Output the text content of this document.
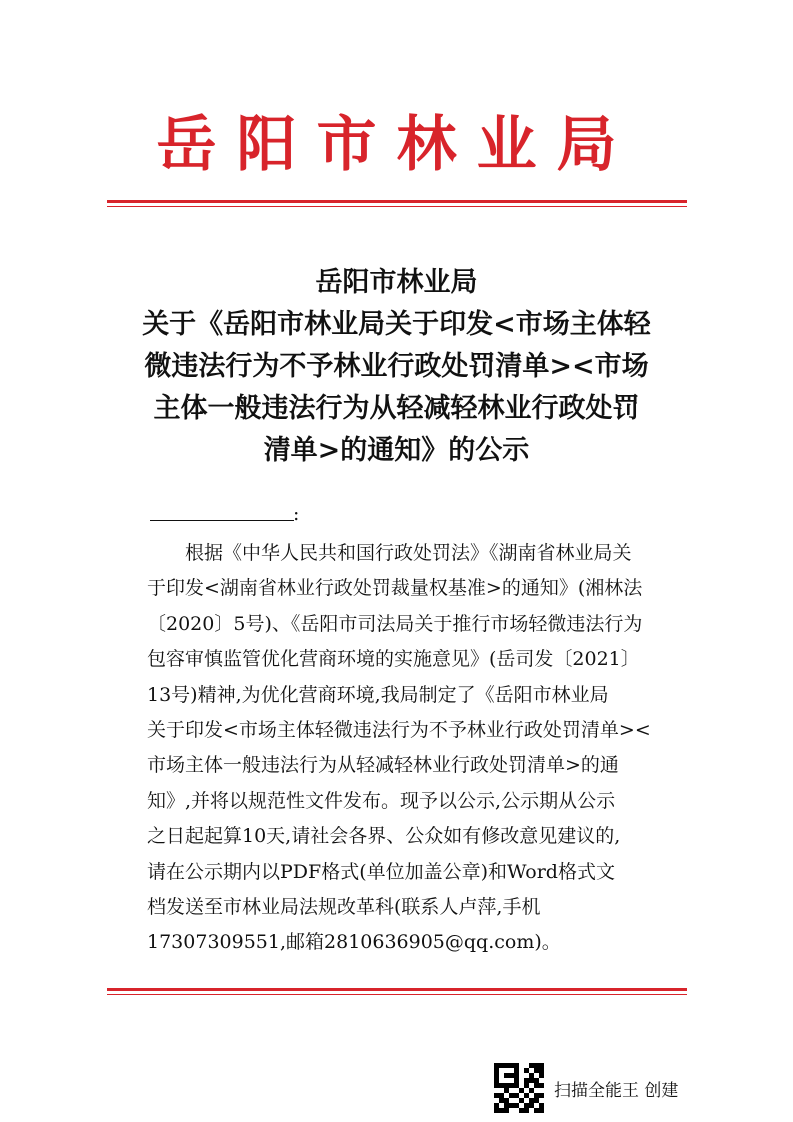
岳阳市林业局
岳阳市林业局
关于《岳阳市林业局关于印发<市场主体轻
微违法行为不予林业行政处罚清单><市场
主体一般违法行为从轻减轻林业行政处罚
清单>的通知》的公示
:
根据《中华人民共和国行政处罚法》《湖南省林业局关
于印发<湖南省林业行政处罚裁量权基准>的通知》(湘林法
〔2020〕5号)、《岳阳市司法局关于推行市场轻微违法行为
包容审慎监管优化营商环境的实施意见》(岳司发〔2021〕
13号)精神,为优化营商环境,我局制定了《岳阳市林业局
关于印发<市场主体轻微违法行为不予林业行政处罚清单><
市场主体一般违法行为从轻减轻林业行政处罚清单>的通
知》,并将以规范性文件发布。现予以公示,公示期从公示
之日起起算10天,请社会各界、公众如有修改意见建议的,
请在公示期内以PDF格式(单位加盖公章)和Word格式文
档发送至市林业局法规改革科(联系人卢萍,手机
17307309551,邮箱2810636905@qq.com)。
扫描全能王 创建
